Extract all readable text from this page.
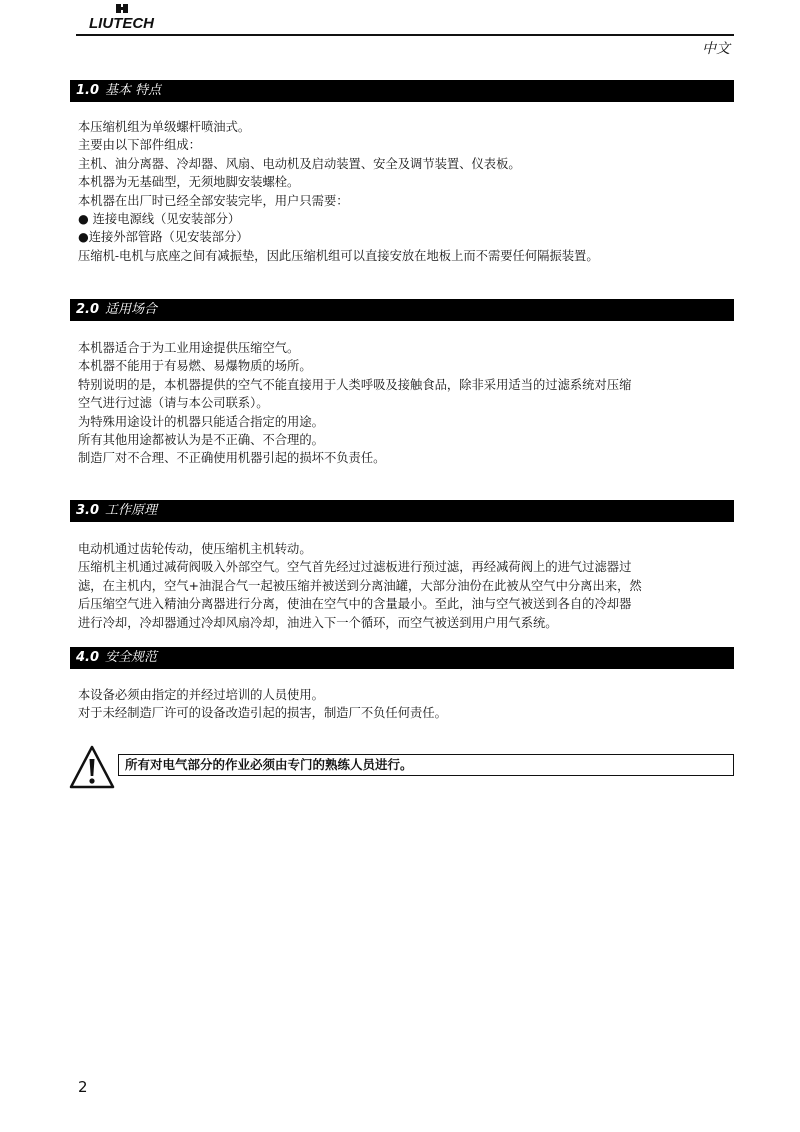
LIUTECH
中文
1.0 基本 特点

本压缩机组为单级螺杆喷油式。

主要由以下部件组成：

主机、油分离器、冷却器、风扇、电动机及启动装置、安全及调节装置、仪表板。

本机器为无基础型，无须地脚安装螺栓。

本机器在出厂时已经全部安装完毕，用户只需要：

● 连接电源线（见安装部分）

●连接外部管路（见安装部分）

压缩机-电机与底座之间有减振垫，因此压缩机组可以直接安放在地板上而不需要任何隔振装置。

2.0 适用场合

本机器适合于为工业用途提供压缩空气。

本机器不能用于有易燃、易爆物质的场所。

特别说明的是，本机器提供的空气不能直接用于人类呼吸及接触食品，除非采用适当的过滤系统对压缩

空气进行过滤（请与本公司联系）。

为特殊用途设计的机器只能适合指定的用途。

所有其他用途都被认为是不正确、不合理的。

制造厂对不合理、不正确使用机器引起的损坏不负责任。

3.0 工作原理

电动机通过齿轮传动，使压缩机主机转动。

压缩机主机通过减荷阀吸入外部空气。空气首先经过过滤板进行预过滤，再经减荷阀上的进气过滤器过

滤，在主机内，空气+油混合气一起被压缩并被送到分离油罐，大部分油份在此被从空气中分离出来，然

后压缩空气进入精油分离器进行分离，使油在空气中的含量最小。至此，油与空气被送到各自的冷却器

进行冷却，冷却器通过冷却风扇冷却，油进入下一个循环，而空气被送到用户用气系统。

4.0 安全规范

本设备必须由指定的并经过培训的人员使用。

对于未经制造厂许可的设备改造引起的损害，制造厂不负任何责任。

所有对电气部分的作业必须由专门的熟练人员进行。
2
